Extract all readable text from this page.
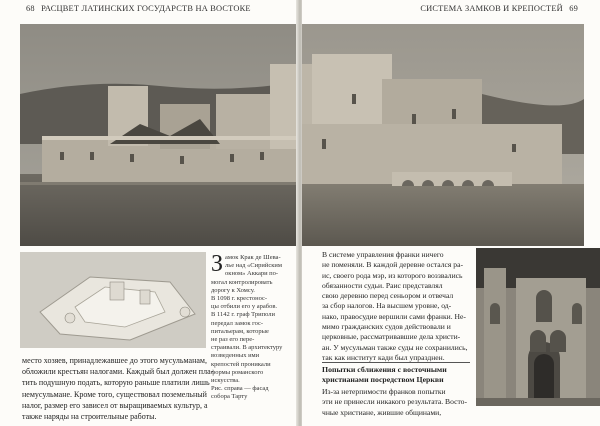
68 РАСЦВЕТ ЛАТИНСКИХ ГОСУДАРСТВ НА ВОСТОКЕ
З амок Крак де Шева-
лье над «Сирийским
окном» Аккари по-
могал контролировать
дорогу к Хомсу.
В 1098 г. крестонос-
цы отбили его у арабов.
В 1142 г. граф Триполи
передал замок гос-
питальерам, которые
не раз его пере-
страивали. В архитектуру
возведенных ими
крепостей проникали
формы романского
искусства.
Рис. справа — фасад
собора Тарту
место хозяев, принадлежавшее до этого мусульманам,
обложили крестьян налогами. Каждый был должен пла-
тить подушную подать, которую раньше платили лишь
немусульмане. Кроме того, существовал поземельный
налог, размер его зависел от выращиваемых культур, а
также наряды на строительные работы.
СИСТЕМА ЗАМКОВ И КРЕПОСТЕЙ 69
В системе управления франки ничего
не поменяли. В каждой деревне остался ра-
ис, своего рода мэр, из которого воззвались
обязанности судьи. Раис представлял
свою деревню перед сеньором и отвечал
за сбор налогов. На высшем уровне, од-
нако, правосудие вершили сами франки. Не-
мимо гражданских судов действовали и
церковные, рассматривавшие дела христи-
ан. У мусульман также суды не сохранились,
так как институт кади был упразднен.
Попытки сближения с восточными
христианами посредством Церкви
Из-за нетерпимости франков попытки
эти не принесли никакого результата. Восто-
чные христиане, жившие общинами,
